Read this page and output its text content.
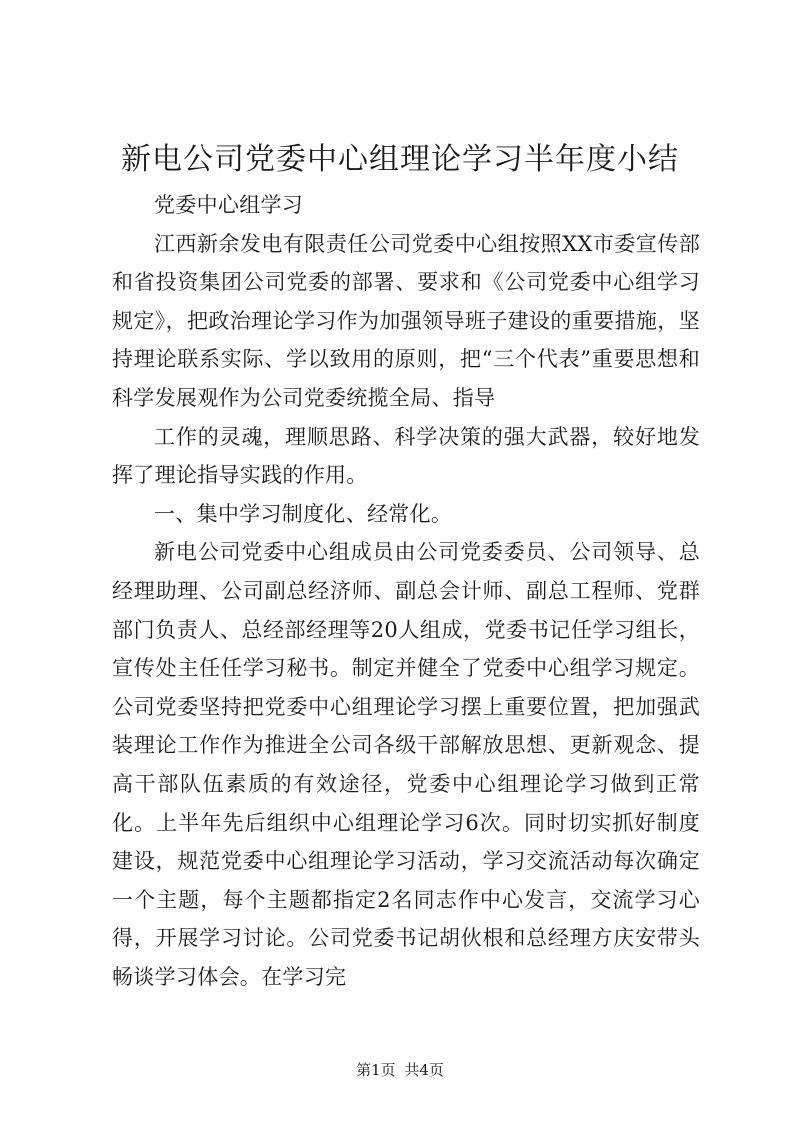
新电公司党委中心组理论学习半年度小结

党委中心组学习

江西新余发电有限责任公司党委中心组按照XX市委宣传部和省投资集团公司党委的部署、要求和《公司党委中心组学习规定》，把政治理论学习作为加强领导班子建设的重要措施，坚持理论联系实际、学以致用的原则，把“三个代表”重要思想和科学发展观作为公司党委统揽全局、指导

工作的灵魂，理顺思路、科学决策的强大武器，较好地发挥了理论指导实践的作用。

一、集中学习制度化、经常化。

新电公司党委中心组成员由公司党委委员、公司领导、总经理助理、公司副总经济师、副总会计师、副总工程师、党群部门负责人、总经部经理等20人组成，党委书记任学习组长，宣传处主任任学习秘书。制定并健全了党委中心组学习规定。公司党委坚持把党委中心组理论学习摆上重要位置，把加强武装理论工作作为推进全公司各级干部解放思想、更新观念、提高干部队伍素质的有效途径，党委中心组理论学习做到正常化。上半年先后组织中心组理论学习6次。同时切实抓好制度建设，规范党委中心组理论学习活动，学习交流活动每次确定一个主题，每个主题都指定2名同志作中心发言，交流学习心得，开展学习讨论。公司党委书记胡伙根和总经理方庆安带头畅谈学习体会。在学习完

第1页 共4页
